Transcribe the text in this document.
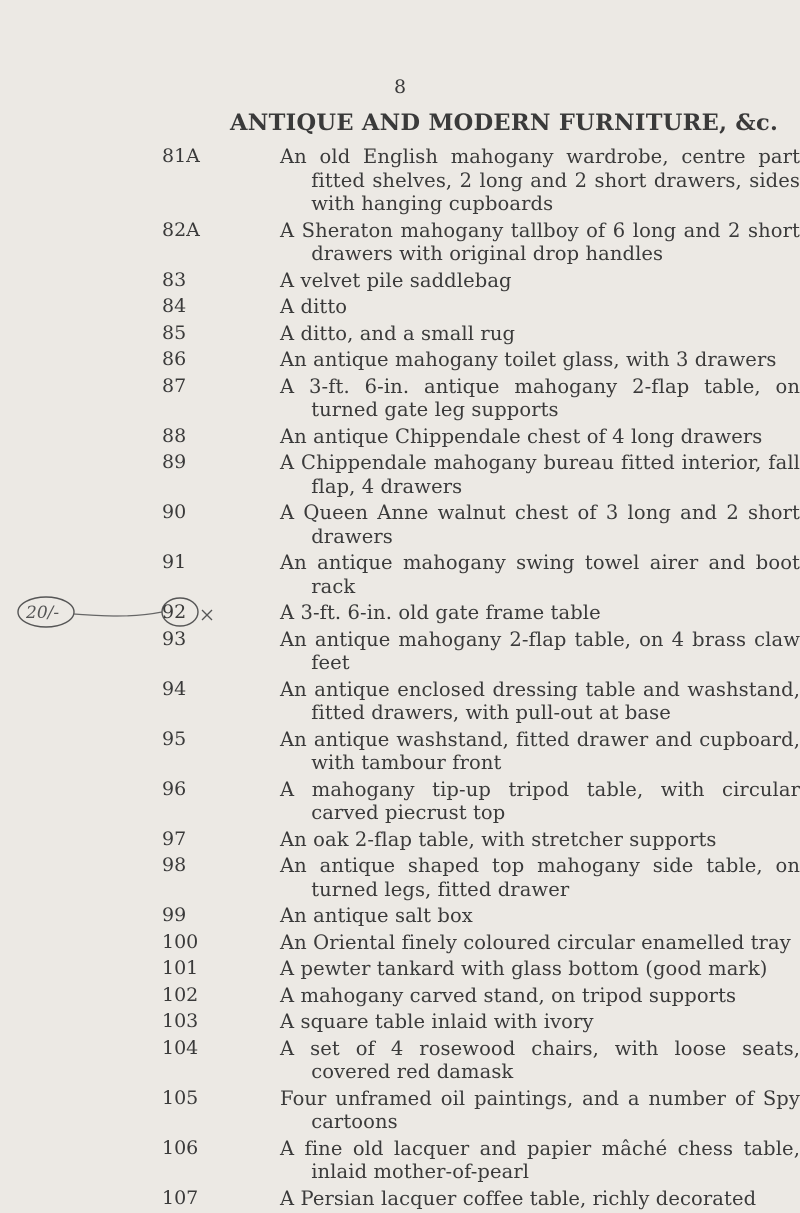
8
ANTIQUE AND MODERN FURNITURE, &c.
20/-
81A	An old English mahogany wardrobe, centre part fitted shelves, 2 long and 2 short drawers, sides with hanging cupboards
82A	A Sheraton mahogany tallboy of 6 long and 2 short drawers with original drop handles
83	A velvet pile saddlebag
84	A ditto
85	A ditto, and a small rug
86	An antique mahogany toilet glass, with 3 drawers
87	A 3-ft. 6-in. antique mahogany 2-flap table, on turned gate leg supports
88	An antique Chippendale chest of 4 long drawers
89	A Chippendale mahogany bureau fitted interior, fall flap, 4 drawers
90	A Queen Anne walnut chest of 3 long and 2 short drawers
91	An antique mahogany swing towel airer and boot rack
92	A 3-ft. 6-in. old gate frame table
93	An antique mahogany 2-flap table, on 4 brass claw feet
94	An antique enclosed dressing table and washstand, fitted drawers, with pull-out at base
95	An antique washstand, fitted drawer and cupboard, with tambour front
96	A mahogany tip-up tripod table, with circular carved piecrust top
97	An oak 2-flap table, with stretcher supports
98	An antique shaped top mahogany side table, on turned legs, fitted drawer
99	An antique salt box
100	An Oriental finely coloured circular enamelled tray
101	A pewter tankard with glass bottom (good mark)
102	A mahogany carved stand, on tripod supports
103	A square table inlaid with ivory
104	A set of 4 rosewood chairs, with loose seats, covered red damask
105	Four unframed oil paintings, and a number of Spy cartoons
106	A fine old lacquer and papier mâché chess table, inlaid mother-of-pearl
107	A Persian lacquer coffee table, richly decorated
